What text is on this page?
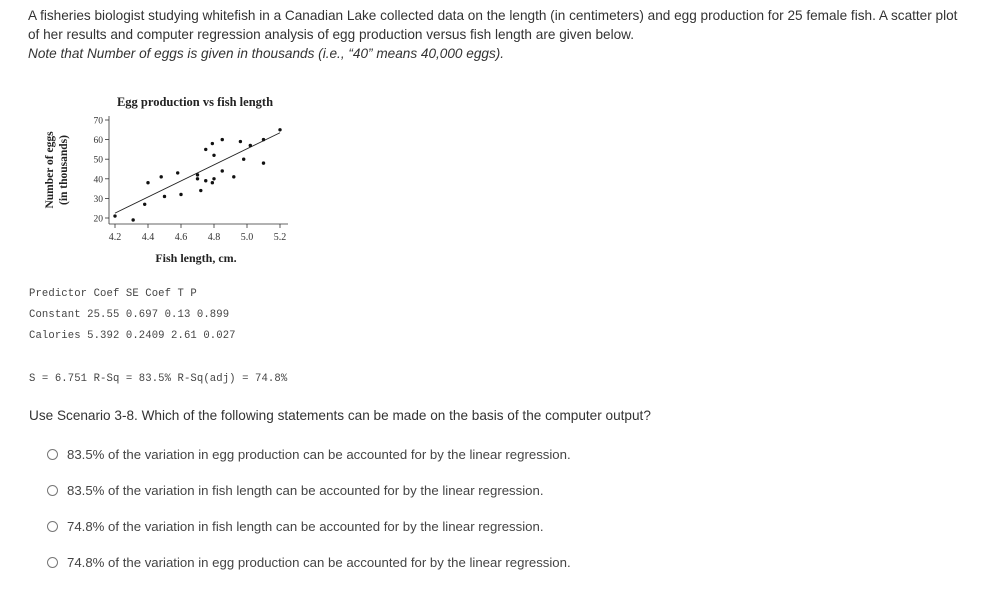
A fisheries biologist studying whitefish in a Canadian Lake collected data on the length (in centimeters) and egg production for 25 female fish. A scatter plot

of her results and computer regression analysis of egg production versus fish length are given below.

Note that Number of eggs is given in thousands (i.e., “40” means 40,000 eggs).

Egg production vs fish length
Number of eggs (in thousands)
Fish length, cm.
4.2 4.4 4.6 4.8 5.0 5.2
20
30
40
50
60
70
Predictor Coef SE Coef T P
Constant 25.55 0.697 0.13 0.899
Calories 5.392 0.2409 2.61 0.027
S = 6.751 R-Sq = 83.5% R-Sq(adj) = 74.8%
Use Scenario 3-8. Which of the following statements can be made on the basis of the computer output?
83.5% of the variation in egg production can be accounted for by the linear regression.
83.5% of the variation in fish length can be accounted for by the linear regression.
74.8% of the variation in fish length can be accounted for by the linear regression.
74.8% of the variation in egg production can be accounted for by the linear regression.
